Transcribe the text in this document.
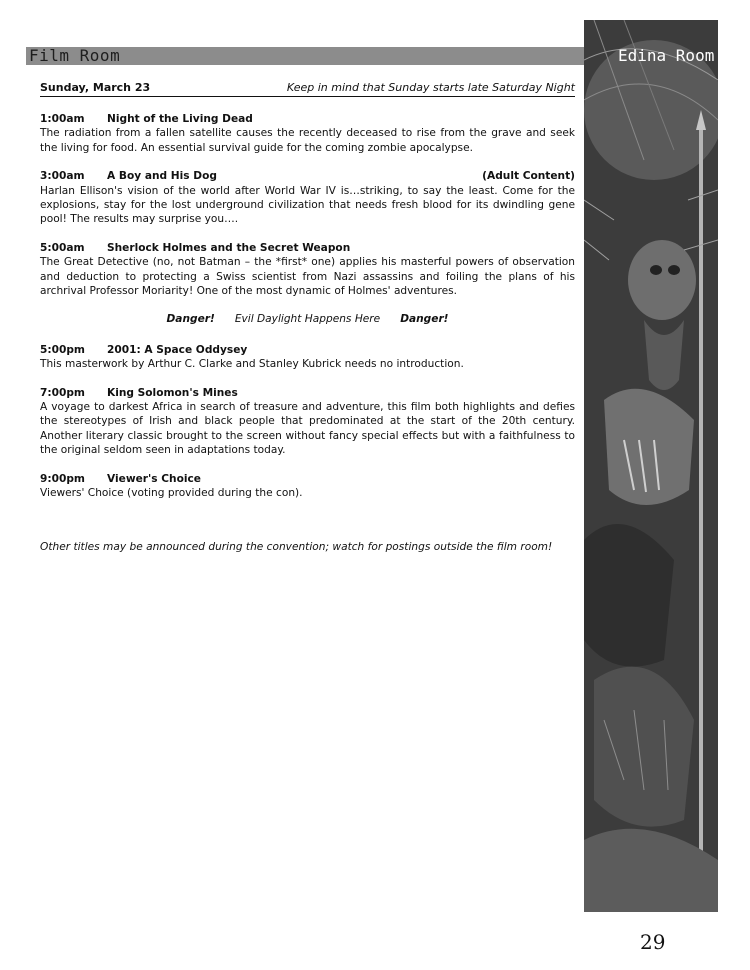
Film Room	Edina Room
Sunday, March 23	Keep in mind that Sunday starts late Saturday Night
1:00am Night of the Living Dead

The radiation from a fallen satellite causes the recently deceased to rise from the grave and seek the living for food. An essential survival guide for the coming zombie apocalypse.

3:00am A Boy and His Dog	(Adult Content)

Harlan Ellison's vision of the world after World War IV is…striking, to say the least. Come for the explosions, stay for the lost underground civilization that needs fresh blood for its dwindling gene pool! The results may surprise you….

5:00am Sherlock Holmes and the Secret Weapon

The Great Detective (no, not Batman – the *first* one) applies his masterful powers of observation and deduction to protecting a Swiss scientist from Nazi assassins and foiling the plans of his archrival Professor Moriarity! One of the most dynamic of Holmes' adventures.

Danger! Evil Daylight Happens Here Danger!
5:00pm 2001: A Space Oddysey

This masterwork by Arthur C. Clarke and Stanley Kubrick needs no introduction.

7:00pm King Solomon's Mines

A voyage to darkest Africa in search of treasure and adventure, this film both highlights and defies the stereotypes of Irish and black people that predominated at the start of the 20th century. Another literary classic brought to the screen without fancy special effects but with a faithfulness to the original seldom seen in adaptations today.

9:00pm Viewer's Choice

Viewers' Choice (voting provided during the con).

Other titles may be announced during the convention; watch for postings outside the film room!
29
